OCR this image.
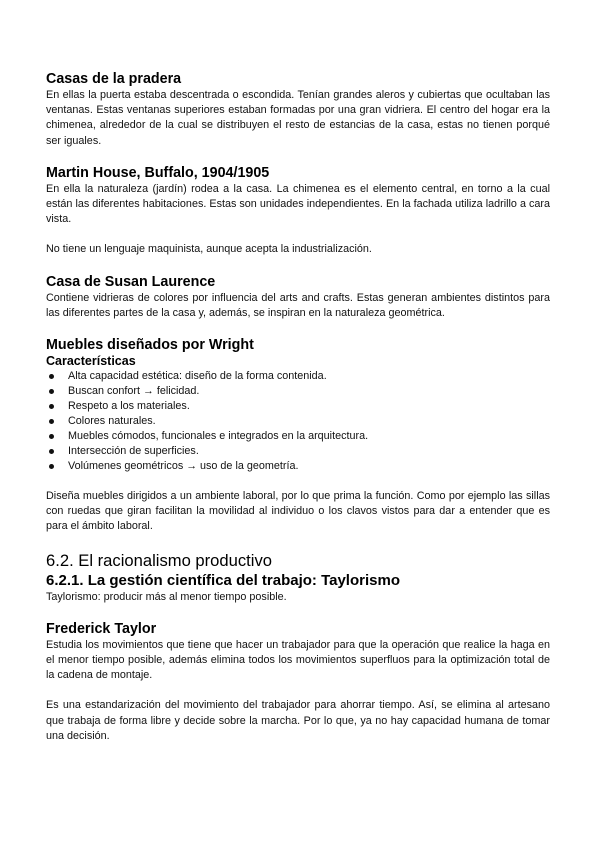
Casas de la pradera

En ellas la puerta estaba descentrada o escondida. Tenían grandes aleros y cubiertas que ocultaban las ventanas. Estas ventanas superiores estaban formadas por una gran vidriera. El centro del hogar era la chimenea, alrededor de la cual se distribuyen el resto de estancias de la casa, estas no tienen porqué ser iguales.

Martin House, Buffalo, 1904/1905

En ella la naturaleza (jardín) rodea a la casa. La chimenea es el elemento central, en torno a la cual están las diferentes habitaciones. Estas son unidades independientes. En la fachada utiliza ladrillo a cara vista.

No tiene un lenguaje maquinista, aunque acepta la industrialización.

Casa de Susan Laurence

Contiene vidrieras de colores por influencia del arts and crafts. Estas generan ambientes distintos para las diferentes partes de la casa y, además, se inspiran en la naturaleza geométrica.

Muebles diseñados por Wright
Características
Alta capacidad estética: diseño de la forma contenida.
Buscan confort → felicidad.
Respeto a los materiales.
Colores naturales.
Muebles cómodos, funcionales e integrados en la arquitectura.
Intersección de superficies.
Volúmenes geométricos → uso de la geometría.

Diseña muebles dirigidos a un ambiente laboral, por lo que prima la función. Como por ejemplo las sillas con ruedas que giran facilitan la movilidad al individuo o los clavos vistos para dar a entender que es para el ámbito laboral.

6.2. El racionalismo productivo
6.2.1. La gestión científica del trabajo: Taylorismo

Taylorismo: producir más al menor tiempo posible.

Frederick Taylor

Estudia los movimientos que tiene que hacer un trabajador para que la operación que realice la haga en el menor tiempo posible, además elimina todos los movimientos superfluos para la optimización total de la cadena de montaje.

Es una estandarización del movimiento del trabajador para ahorrar tiempo. Así, se elimina al artesano que trabaja de forma libre y decide sobre la marcha. Por lo que, ya no hay capacidad humana de tomar una decisión.
